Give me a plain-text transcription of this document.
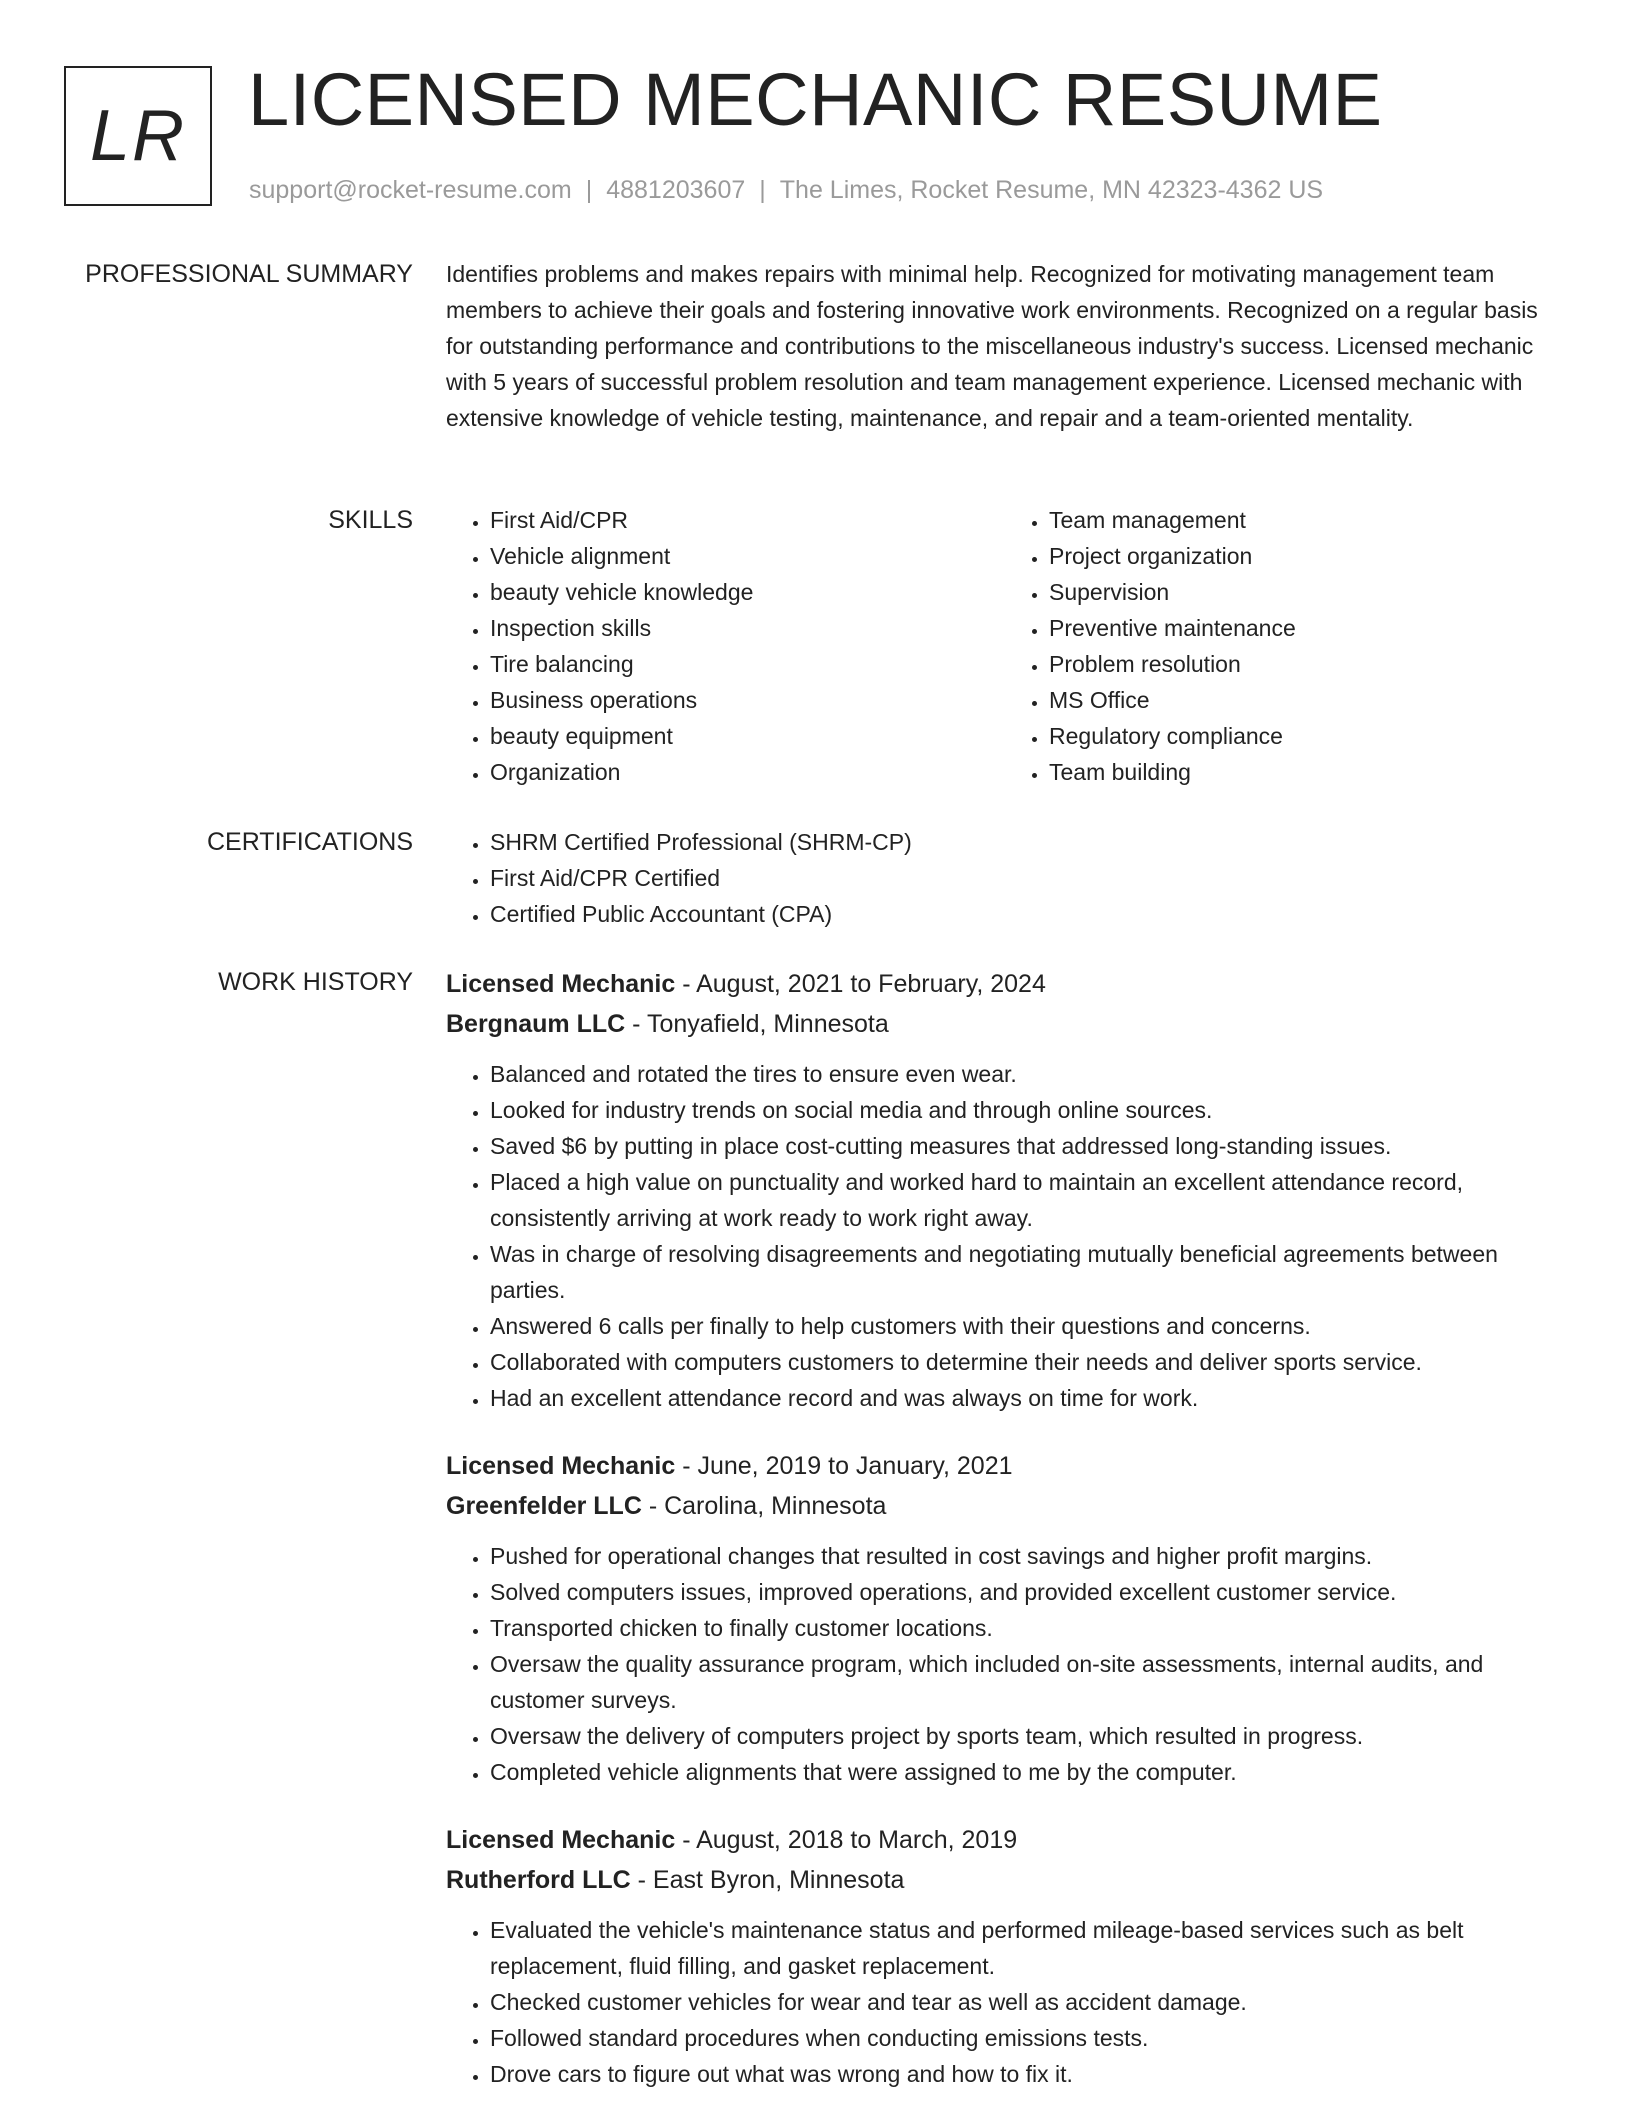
LR LICENSED MECHANIC RESUME
support@rocket-resume.com | 4881203607 | The Limes, Rocket Resume, MN 42323-4362 US
PROFESSIONAL SUMMARY Identifies problems and makes repairs with minimal help. Recognized for motivating management team members to achieve their goals and fostering innovative work environments. Recognized on a regular basis for outstanding performance and contributions to the miscellaneous industry's success. Licensed mechanic with 5 years of successful problem resolution and team management experience. Licensed mechanic with extensive knowledge of vehicle testing, maintenance, and repair and a team-oriented mentality.

SKILLS	• First Aid/CPR
• Vehicle alignment
• beauty vehicle knowledge
• Inspection skills
• Tire balancing
• Business operations
• beauty equipment
• Organization
• Team management
• Project organization
• Supervision
• Preventive maintenance
• Problem resolution
• MS Office
• Regulatory compliance
• Team building
CERTIFICATIONS	• SHRM Certified Professional (SHRM-CP)
• First Aid/CPR Certified
• Certified Public Accountant (CPA)
WORK HISTORY Licensed Mechanic - August, 2021 to February, 2024
Bergnaum LLC - Tonyafield, Minnesota
• Balanced and rotated the tires to ensure even wear.
• Looked for industry trends on social media and through online sources.
• Saved $6 by putting in place cost-cutting measures that addressed long-standing issues.
• Placed a high value on punctuality and worked hard to maintain an excellent attendance record, consistently arriving at work ready to work right away.
• Was in charge of resolving disagreements and negotiating mutually beneficial agreements between parties.
• Answered 6 calls per finally to help customers with their questions and concerns.
• Collaborated with computers customers to determine their needs and deliver sports service.
• Had an excellent attendance record and was always on time for work.
Licensed Mechanic - June, 2019 to January, 2021
Greenfelder LLC - Carolina, Minnesota
• Pushed for operational changes that resulted in cost savings and higher profit margins.
• Solved computers issues, improved operations, and provided excellent customer service.
• Transported chicken to finally customer locations.
• Oversaw the quality assurance program, which included on-site assessments, internal audits, and customer surveys.
• Oversaw the delivery of computers project by sports team, which resulted in progress.
• Completed vehicle alignments that were assigned to me by the computer.
Licensed Mechanic - August, 2018 to March, 2019
Rutherford LLC - East Byron, Minnesota
• Evaluated the vehicle's maintenance status and performed mileage-based services such as belt replacement, fluid filling, and gasket replacement.
• Checked customer vehicles for wear and tear as well as accident damage.
• Followed standard procedures when conducting emissions tests.
• Drove cars to figure out what was wrong and how to fix it.
